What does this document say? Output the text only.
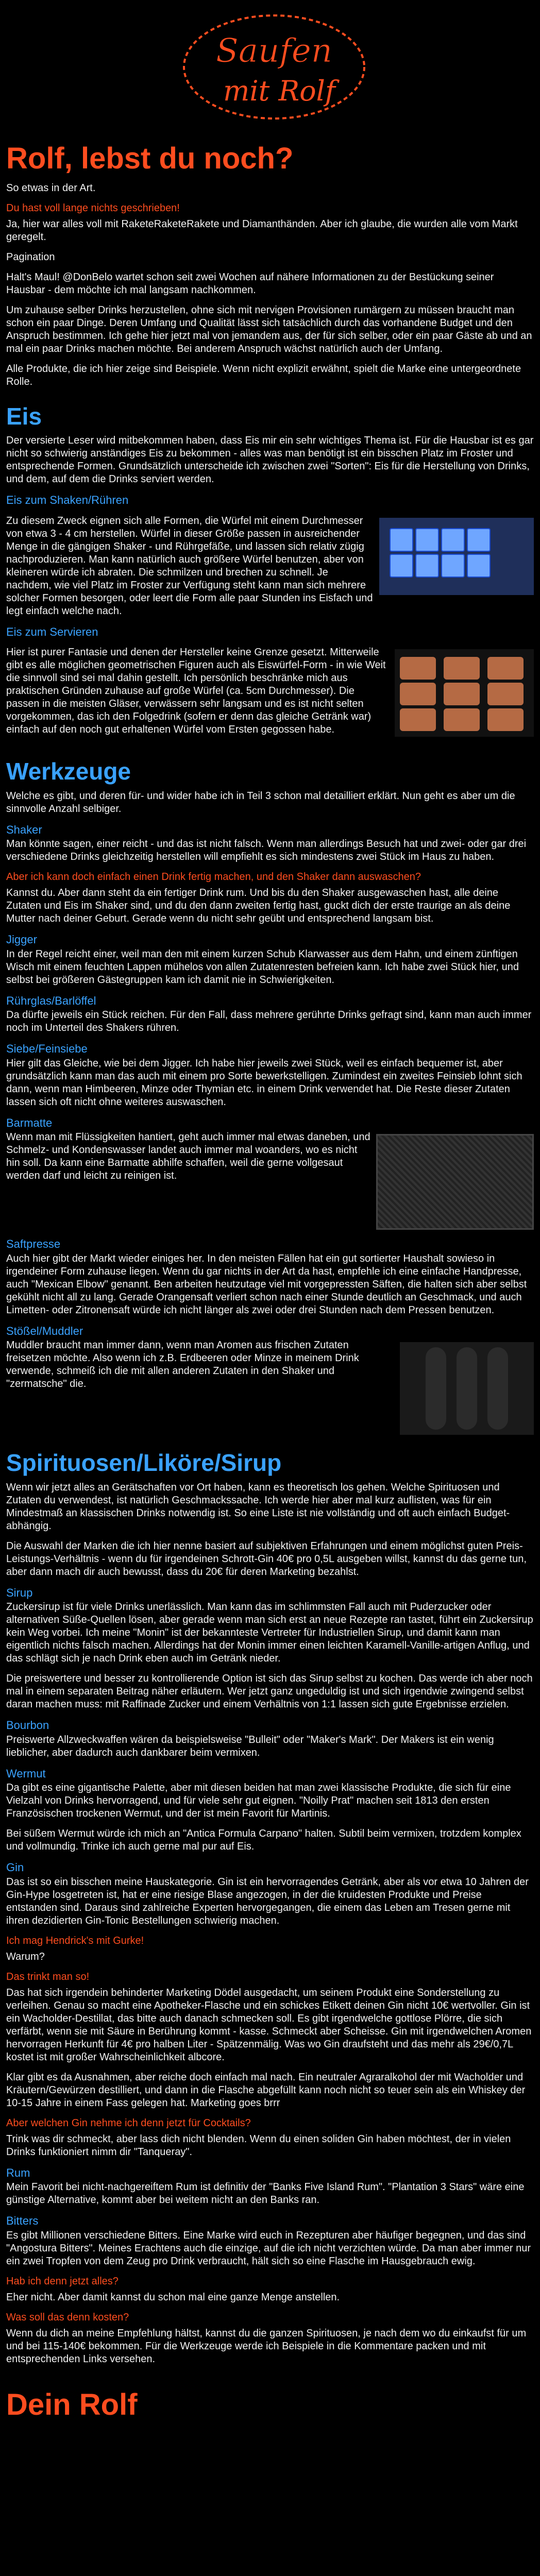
Saufen
mit Rolf
Rolf, lebst du noch?

So etwas in der Art.

Du hast voll lange nichts geschrieben!

Ja, hier war alles voll mit RaketeRaketeRakete und Diamanthänden. Aber ich glaube, die wurden alle vom Markt geregelt.

Pagination

Halt's Maul! @DonBelo wartet schon seit zwei Wochen auf nähere Informationen zu der Bestückung seiner Hausbar - dem möchte ich mal langsam nachkommen.

Um zuhause selber Drinks herzustellen, ohne sich mit nervigen Provisionen rumärgern zu müssen braucht man schon ein paar Dinge. Deren Umfang und Qualität lässt sich tatsächlich durch das vorhandene Budget und den Anspruch bestimmen. Ich gehe hier jetzt mal von jemandem aus, der für sich selber, oder ein paar Gäste ab und an mal ein paar Drinks machen möchte. Bei anderem Anspruch wächst natürlich auch der Umfang.

Alle Produkte, die ich hier zeige sind Beispiele. Wenn nicht explizit erwähnt, spielt die Marke eine untergeordnete Rolle.

Eis

Der versierte Leser wird mitbekommen haben, dass Eis mir ein sehr wichtiges Thema ist. Für die Hausbar ist es gar nicht so schwierig anständiges Eis zu bekommen - alles was man benötigt ist ein bisschen Platz im Froster und entsprechende Formen. Grundsätzlich unterscheide ich zwischen zwei "Sorten": Eis für die Herstellung von Drinks, und dem, auf dem die Drinks serviert werden.

Eis zum Shaken/Rühren

Zu diesem Zweck eignen sich alle Formen, die Würfel mit einem Durchmesser von etwa 3 - 4 cm herstellen. Würfel in dieser Größe passen in ausreichender Menge in die gängigen Shaker - und Rührgefäße, und lassen sich relativ zügig nachproduzieren. Man kann natürlich auch größere Würfel benutzen, aber von kleineren würde ich abraten. Die schmilzen und brechen zu schnell. Je nachdem, wie viel Platz im Froster zur Verfügung steht kann man sich mehrere solcher Formen besorgen, oder leert die Form alle paar Stunden ins Eisfach und legt einfach welche nach.

Eis zum Servieren

Hier ist purer Fantasie und denen der Hersteller keine Grenze gesetzt. Mitterweile gibt es alle möglichen geometrischen Figuren auch als Eiswürfel-Form - in wie Weit die sinnvoll sind sei mal dahin gestellt. Ich persönlich beschränke mich aus praktischen Gründen zuhause auf große Würfel (ca. 5cm Durchmesser). Die passen in die meisten Gläser, verwässern sehr langsam und es ist nicht selten vorgekommen, das ich den Folgedrink (sofern er denn das gleiche Getränk war) einfach auf den noch gut erhaltenen Würfel vom Ersten gegossen habe.

Werkzeuge

Welche es gibt, und deren für- und wider habe ich in Teil 3 schon mal detailliert erklärt. Nun geht es aber um die sinnvolle Anzahl selbiger.

Shaker

Man könnte sagen, einer reicht - und das ist nicht falsch. Wenn man allerdings Besuch hat und zwei- oder gar drei verschiedene Drinks gleichzeitig herstellen will empfiehlt es sich mindestens zwei Stück im Haus zu haben.

Aber ich kann doch einfach einen Drink fertig machen, und den Shaker dann auswaschen?

Kannst du. Aber dann steht da ein fertiger Drink rum. Und bis du den Shaker ausgewaschen hast, alle deine Zutaten und Eis im Shaker sind, und du den dann zweiten fertig hast, guckt dich der erste traurige an als deine Mutter nach deiner Geburt. Gerade wenn du nicht sehr geübt und entsprechend langsam bist.

Jigger

In der Regel reicht einer, weil man den mit einem kurzen Schub Klarwasser aus dem Hahn, und einem zünftigen Wisch mit einem feuchten Lappen mühelos von allen Zutatenresten befreien kann. Ich habe zwei Stück hier, und selbst bei größeren Gästegruppen kam ich damit nie in Schwierigkeiten.

Rührglas/Barlöffel

Da dürfte jeweils ein Stück reichen. Für den Fall, dass mehrere gerührte Drinks gefragt sind, kann man auch immer noch im Unterteil des Shakers rühren.

Siebe/Feinsiebe

Hier gilt das Gleiche, wie bei dem Jigger. Ich habe hier jeweils zwei Stück, weil es einfach bequemer ist, aber grundsätzlich kann man das auch mit einem pro Sorte bewerkstelligen. Zumindest ein zweites Feinsieb lohnt sich dann, wenn man Himbeeren, Minze oder Thymian etc. in einem Drink verwendet hat. Die Reste dieser Zutaten lassen sich oft nicht ohne weiteres auswaschen.

Barmatte

Wenn man mit Flüssigkeiten hantiert, geht auch immer mal etwas daneben, und Schmelz- und Kondenswasser landet auch immer mal woanders, wo es nicht hin soll. Da kann eine Barmatte abhilfe schaffen, weil die gerne vollgesaut werden darf und leicht zu reinigen ist.

Saftpresse

Auch hier gibt der Markt wieder einiges her. In den meisten Fällen hat ein gut sortierter Haushalt sowieso in irgendeiner Form zuhause liegen. Wenn du gar nichts in der Art da hast, empfehle ich eine einfache Handpresse, auch "Mexican Elbow" genannt. Ben arbeiten heutzutage viel mit vorgepressten Säften, die halten sich aber selbst gekühlt nicht all zu lang. Gerade Orangensaft verliert schon nach einer Stunde deutlich an Geschmack, und auch Limetten- oder Zitronensaft würde ich nicht länger als zwei oder drei Stunden nach dem Pressen benutzen.

Stößel/Muddler

Muddler braucht man immer dann, wenn man Aromen aus frischen Zutaten freisetzen möchte. Also wenn ich z.B. Erdbeeren oder Minze in meinem Drink verwende, schmeiß ich die mit allen anderen Zutaten in den Shaker und "zermatsche" die.

Spirituosen/Liköre/Sirup

Wenn wir jetzt alles an Gerätschaften vor Ort haben, kann es theoretisch los gehen. Welche Spirituosen und Zutaten du verwendest, ist natürlich Geschmackssache. Ich werde hier aber mal kurz auflisten, was für ein Mindestmaß an klassischen Drinks notwendig ist. So eine Liste ist nie vollständig und oft auch einfach Budget-abhängig.

Die Auswahl der Marken die ich hier nenne basiert auf subjektiven Erfahrungen und einem möglichst guten Preis-Leistungs-Verhältnis - wenn du für irgendeinen Schrott-Gin 40€ pro 0,5L ausgeben willst, kannst du das gerne tun, aber dann mach dir auch bewusst, dass du 20€ für deren Marketing bezahlst.

Sirup

Zuckersirup ist für viele Drinks unerlässlich. Man kann das im schlimmsten Fall auch mit Puderzucker oder alternativen Süße-Quellen lösen, aber gerade wenn man sich erst an neue Rezepte ran tastet, führt ein Zuckersirup kein Weg vorbei. Ich meine "Monin" ist der bekannteste Vertreter für Industriellen Sirup, und damit kann man eigentlich nichts falsch machen. Allerdings hat der Monin immer einen leichten Karamell-Vanille-artigen Anflug, und das schlägt sich je nach Drink eben auch im Getränk nieder.

Die preiswertere und besser zu kontrollierende Option ist sich das Sirup selbst zu kochen. Das werde ich aber noch mal in einem separaten Beitrag näher erläutern. Wer jetzt ganz ungeduldig ist und sich irgendwie zwingend selbst daran machen muss: mit Raffinade Zucker und einem Verhältnis von 1:1 lassen sich gute Ergebnisse erzielen.

Bourbon

Preiswerte Allzweckwaffen wären da beispielsweise "Bulleit" oder "Maker's Mark". Der Makers ist ein wenig lieblicher, aber dadurch auch dankbarer beim vermixen.

Wermut

Da gibt es eine gigantische Palette, aber mit diesen beiden hat man zwei klassische Produkte, die sich für eine Vielzahl von Drinks hervorragend, und für viele sehr gut eignen. "Noilly Prat" machen seit 1813 den ersten Französischen trockenen Wermut, und der ist mein Favorit für Martinis.

Bei süßem Wermut würde ich mich an "Antica Formula Carpano" halten. Subtil beim vermixen, trotzdem komplex und vollmundig. Trinke ich auch gerne mal pur auf Eis.

Gin

Das ist so ein bisschen meine Hauskategorie. Gin ist ein hervorragendes Getränk, aber als vor etwa 10 Jahren der Gin-Hype losgetreten ist, hat er eine riesige Blase angezogen, in der die kruidesten Produkte und Preise entstanden sind. Daraus sind zahlreiche Experten hervorgegangen, die einem das Leben am Tresen gerne mit ihren dezidierten Gin-Tonic Bestellungen schwierig machen.

Ich mag Hendrick's mit Gurke!

Warum?

Das trinkt man so!

Das hat sich irgendein behinderter Marketing Dödel ausgedacht, um seinem Produkt eine Sonderstellung zu verleihen. Genau so macht eine Apotheker-Flasche und ein schickes Etikett deinen Gin nicht 10€ wertvoller. Gin ist ein Wacholder-Destillat, das bitte auch danach schmecken soll. Es gibt irgendwelche gottlose Plörre, die sich verfärbt, wenn sie mit Säure in Berührung kommt - kasse. Schmeckt aber Scheisse. Gin mit irgendwelchen Aromen hervorragen Herkunft für 4€ pro halben Liter - Spätzenmälig. Was wo Gin draufsteht und das mehr als 29€/0,7L kostet ist mit großer Wahrscheinlichkeit albcore.

Klar gibt es da Ausnahmen, aber reiche doch einfach mal nach. Ein neutraler Agraralkohol der mit Wacholder und Kräutern/Gewürzen destilliert, und dann in die Flasche abgefüllt kann noch nicht so teuer sein als ein Whiskey der 10-15 Jahre in einem Fass gelegen hat. Marketing goes brrr

Aber welchen Gin nehme ich denn jetzt für Cocktails?

Trink was dir schmeckt, aber lass dich nicht blenden. Wenn du einen soliden Gin haben möchtest, der in vielen Drinks funktioniert nimm dir "Tanqueray".

Rum

Mein Favorit bei nicht-nachgereiftem Rum ist definitiv der "Banks Five Island Rum". "Plantation 3 Stars" wäre eine günstige Alternative, kommt aber bei weitem nicht an den Banks ran.

Bitters

Es gibt Millionen verschiedene Bitters. Eine Marke wird euch in Rezepturen aber häufiger begegnen, und das sind "Angostura Bitters". Meines Erachtens auch die einzige, auf die ich nicht verzichten würde. Da man aber immer nur ein zwei Tropfen von dem Zeug pro Drink verbraucht, hält sich so eine Flasche im Hausgebrauch ewig.

Hab ich denn jetzt alles?

Eher nicht. Aber damit kannst du schon mal eine ganze Menge anstellen.

Was soll das denn kosten?

Wenn du dich an meine Empfehlung hältst, kannst du die ganzen Spirituosen, je nach dem wo du einkaufst für um und bei 115-140€ bekommen. Für die Werkzeuge werde ich Beispiele in die Kommentare packen und mit entsprechenden Links versehen.

Dein Rolf
